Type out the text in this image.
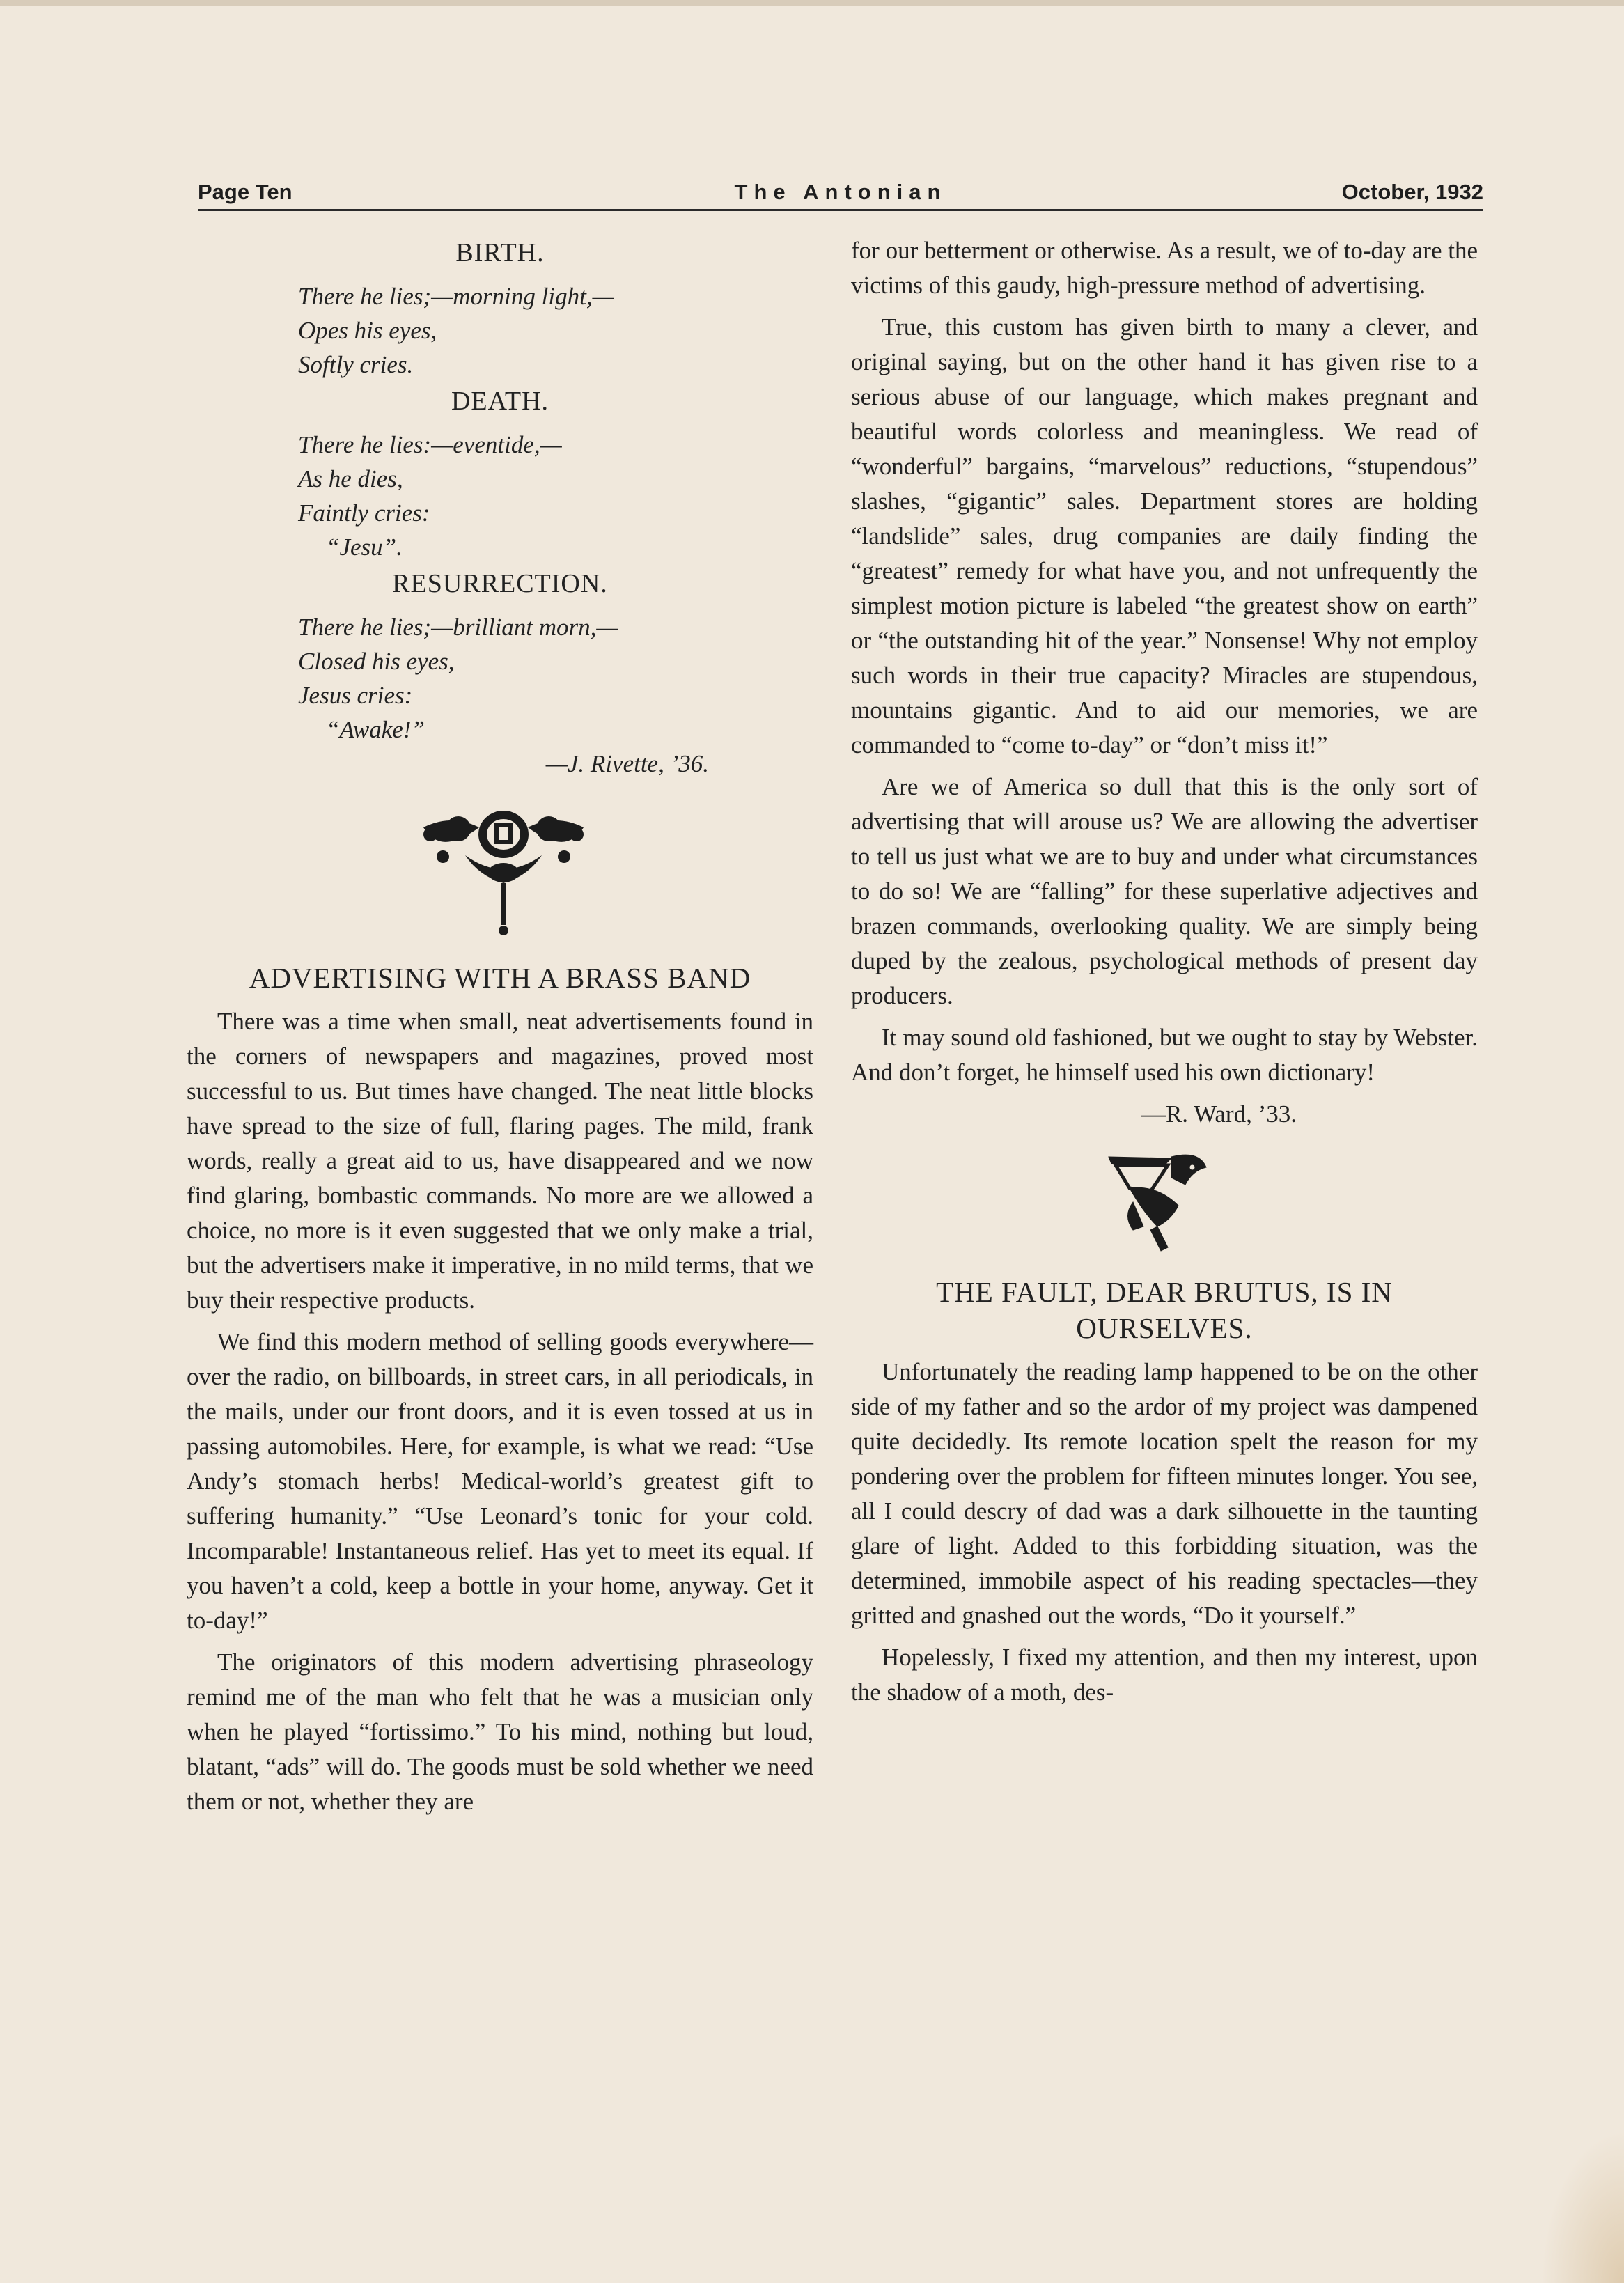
Page Ten	The Antonian	October, 1932
BIRTH.
There he lies;—morning light,—
Opes his eyes,
Softly cries.
DEATH.
There he lies:—eventide,—
As he dies,
Faintly cries:
“Jesu”.
RESURRECTION.
There he lies;—brilliant morn,—
Closed his eyes,
Jesus cries:
“Awake!”
—J. Rivette, ’36.
ADVERTISING WITH A BRASS BAND

There was a time when small, neat advertisements found in the corners of newspapers and magazines, proved most successful to us. But times have changed. The neat little blocks have spread to the size of full, flaring pages. The mild, frank words, really a great aid to us, have disappeared and we now find glaring, bombastic commands. No more are we allowed a choice, no more is it even suggested that we only make a trial, but the advertisers make it imperative, in no mild terms, that we buy their respective products.

We find this modern method of selling goods everywhere—over the radio, on billboards, in street cars, in all periodicals, in the mails, under our front doors, and it is even tossed at us in passing automobiles. Here, for example, is what we read: “Use Andy’s stomach herbs! Medical-world’s greatest gift to suffering humanity.” “Use Leonard’s tonic for your cold. Incomparable! Instantaneous relief. Has yet to meet its equal. If you haven’t a cold, keep a bottle in your home, anyway. Get it to-day!”

The originators of this modern advertising phraseology remind me of the man who felt that he was a musician only when he played “fortissimo.” To his mind, nothing but loud, blatant, “ads” will do. The goods must be sold whether we need them or not, whether they are

for our betterment or otherwise. As a result, we of to-day are the victims of this gaudy, high-pressure method of advertising.

True, this custom has given birth to many a clever, and original saying, but on the other hand it has given rise to a serious abuse of our language, which makes pregnant and beautiful words colorless and meaningless. We read of “wonderful” bargains, “marvelous” reductions, “stupendous” slashes, “gigantic” sales. Department stores are holding “landslide” sales, drug companies are daily finding the “greatest” remedy for what have you, and not unfrequently the simplest motion picture is labeled “the greatest show on earth” or “the outstanding hit of the year.” Nonsense! Why not employ such words in their true capacity? Miracles are stupendous, mountains gigantic. And to aid our memories, we are commanded to “come to-day” or “don’t miss it!”

Are we of America so dull that this is the only sort of advertising that will arouse us? We are allowing the advertiser to tell us just what we are to buy and under what circumstances to do so! We are “falling” for these superlative adjectives and brazen commands, overlooking quality. We are simply being duped by the zealous, psychological methods of present day producers.

It may sound old fashioned, but we ought to stay by Webster. And don’t forget, he himself used his own dictionary!

—R. Ward, ’33.
THE FAULT, DEAR BRUTUS, IS IN OURSELVES.

Unfortunately the reading lamp happened to be on the other side of my father and so the ardor of my project was dampened quite decidedly. Its remote location spelt the reason for my pondering over the problem for fifteen minutes longer. You see, all I could descry of dad was a dark silhouette in the taunting glare of light. Added to this forbidding situation, was the determined, immobile aspect of his reading spectacles—they gritted and gnashed out the words, “Do it yourself.”

Hopelessly, I fixed my attention, and then my interest, upon the shadow of a moth, des-
